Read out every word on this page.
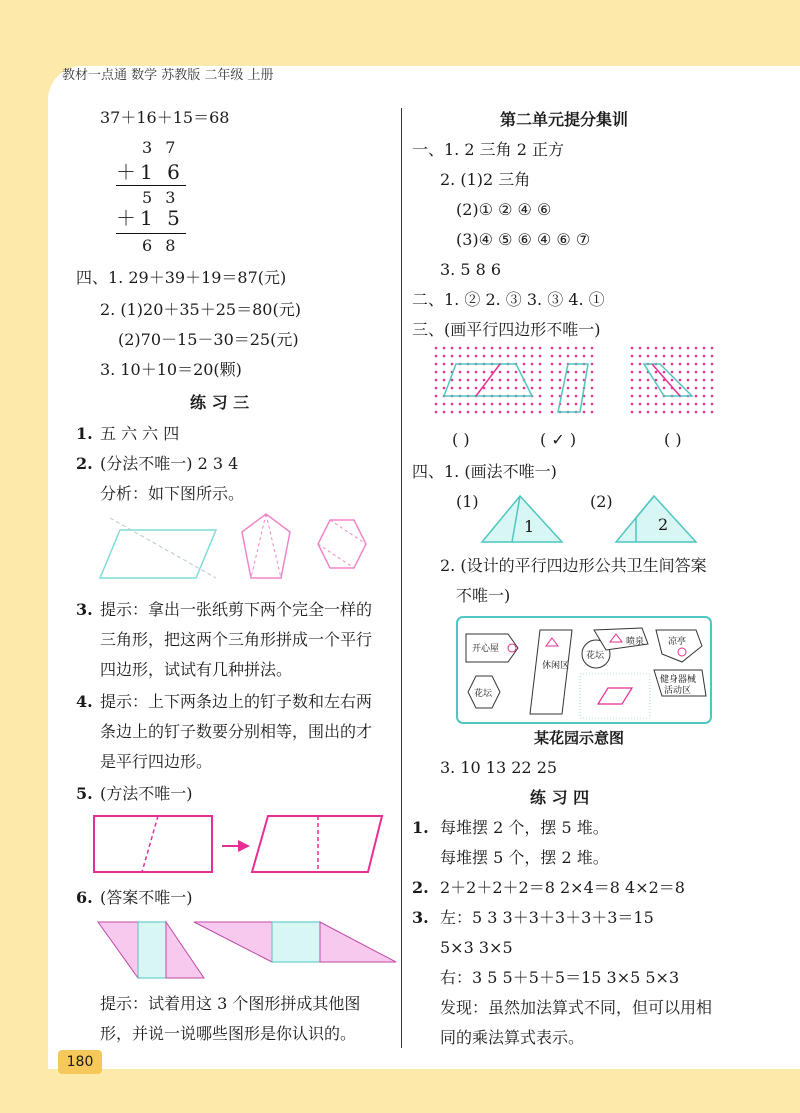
教材一点通 数学 苏教版 二年级 上册
37＋16＋15＝68
3 7
＋1 6
5 3
＋1 5
6 8
四、1. 29＋39＋19＝87(元)
2. (1)20＋35＋25＝80(元)
(2)70－15－30＝25(元)
3. 10＋10＝20(颗)
练 习 三
1. 五 六 六 四
2. (分法不唯一) 2 3 4
分析：如下图所示。
3. 提示：拿出一张纸剪下两个完全一样的
三角形，把这两个三角形拼成一个平行
四边形，试试有几种拼法。
4. 提示：上下两条边上的钉子数和左右两
条边上的钉子数要分别相等，围出的才
是平行四边形。
5. (方法不唯一)
6. (答案不唯一)
提示：试着用这 3 个图形拼成其他图
形，并说一说哪些图形是你认识的。
第二单元提分集训
一、1. 2 三角 2 正方
2. (1)2 三角
(2)① ② ④ ⑥
(3)④ ⑤ ⑥ ④ ⑥ ⑦
3. 5 8 6
二、1. ② 2. ③ 3. ③ 4. ①
三、(画平行四边形不唯一)
( )	( ✓ )	( )
四、1. (画法不唯一)
(1)	(2)
1	2
2. (设计的平行四边形公共卫生间答案
不唯一)
开心屋
休闲区
花坛
喷泉	凉亭
花坛
健身器械
活动区
某花园示意图
3. 10 13 22 25
练 习 四
1. 每堆摆 2 个，摆 5 堆。
每堆摆 5 个，摆 2 堆。
2. 2＋2＋2＋2＝8 2×4＝8 4×2＝8
3. 左：5 3 3＋3＋3＋3＋3＝15
5×3 3×5
右：3 5 5＋5＋5＝15 3×5 5×3
发现：虽然加法算式不同，但可以用相
同的乘法算式表示。
180
